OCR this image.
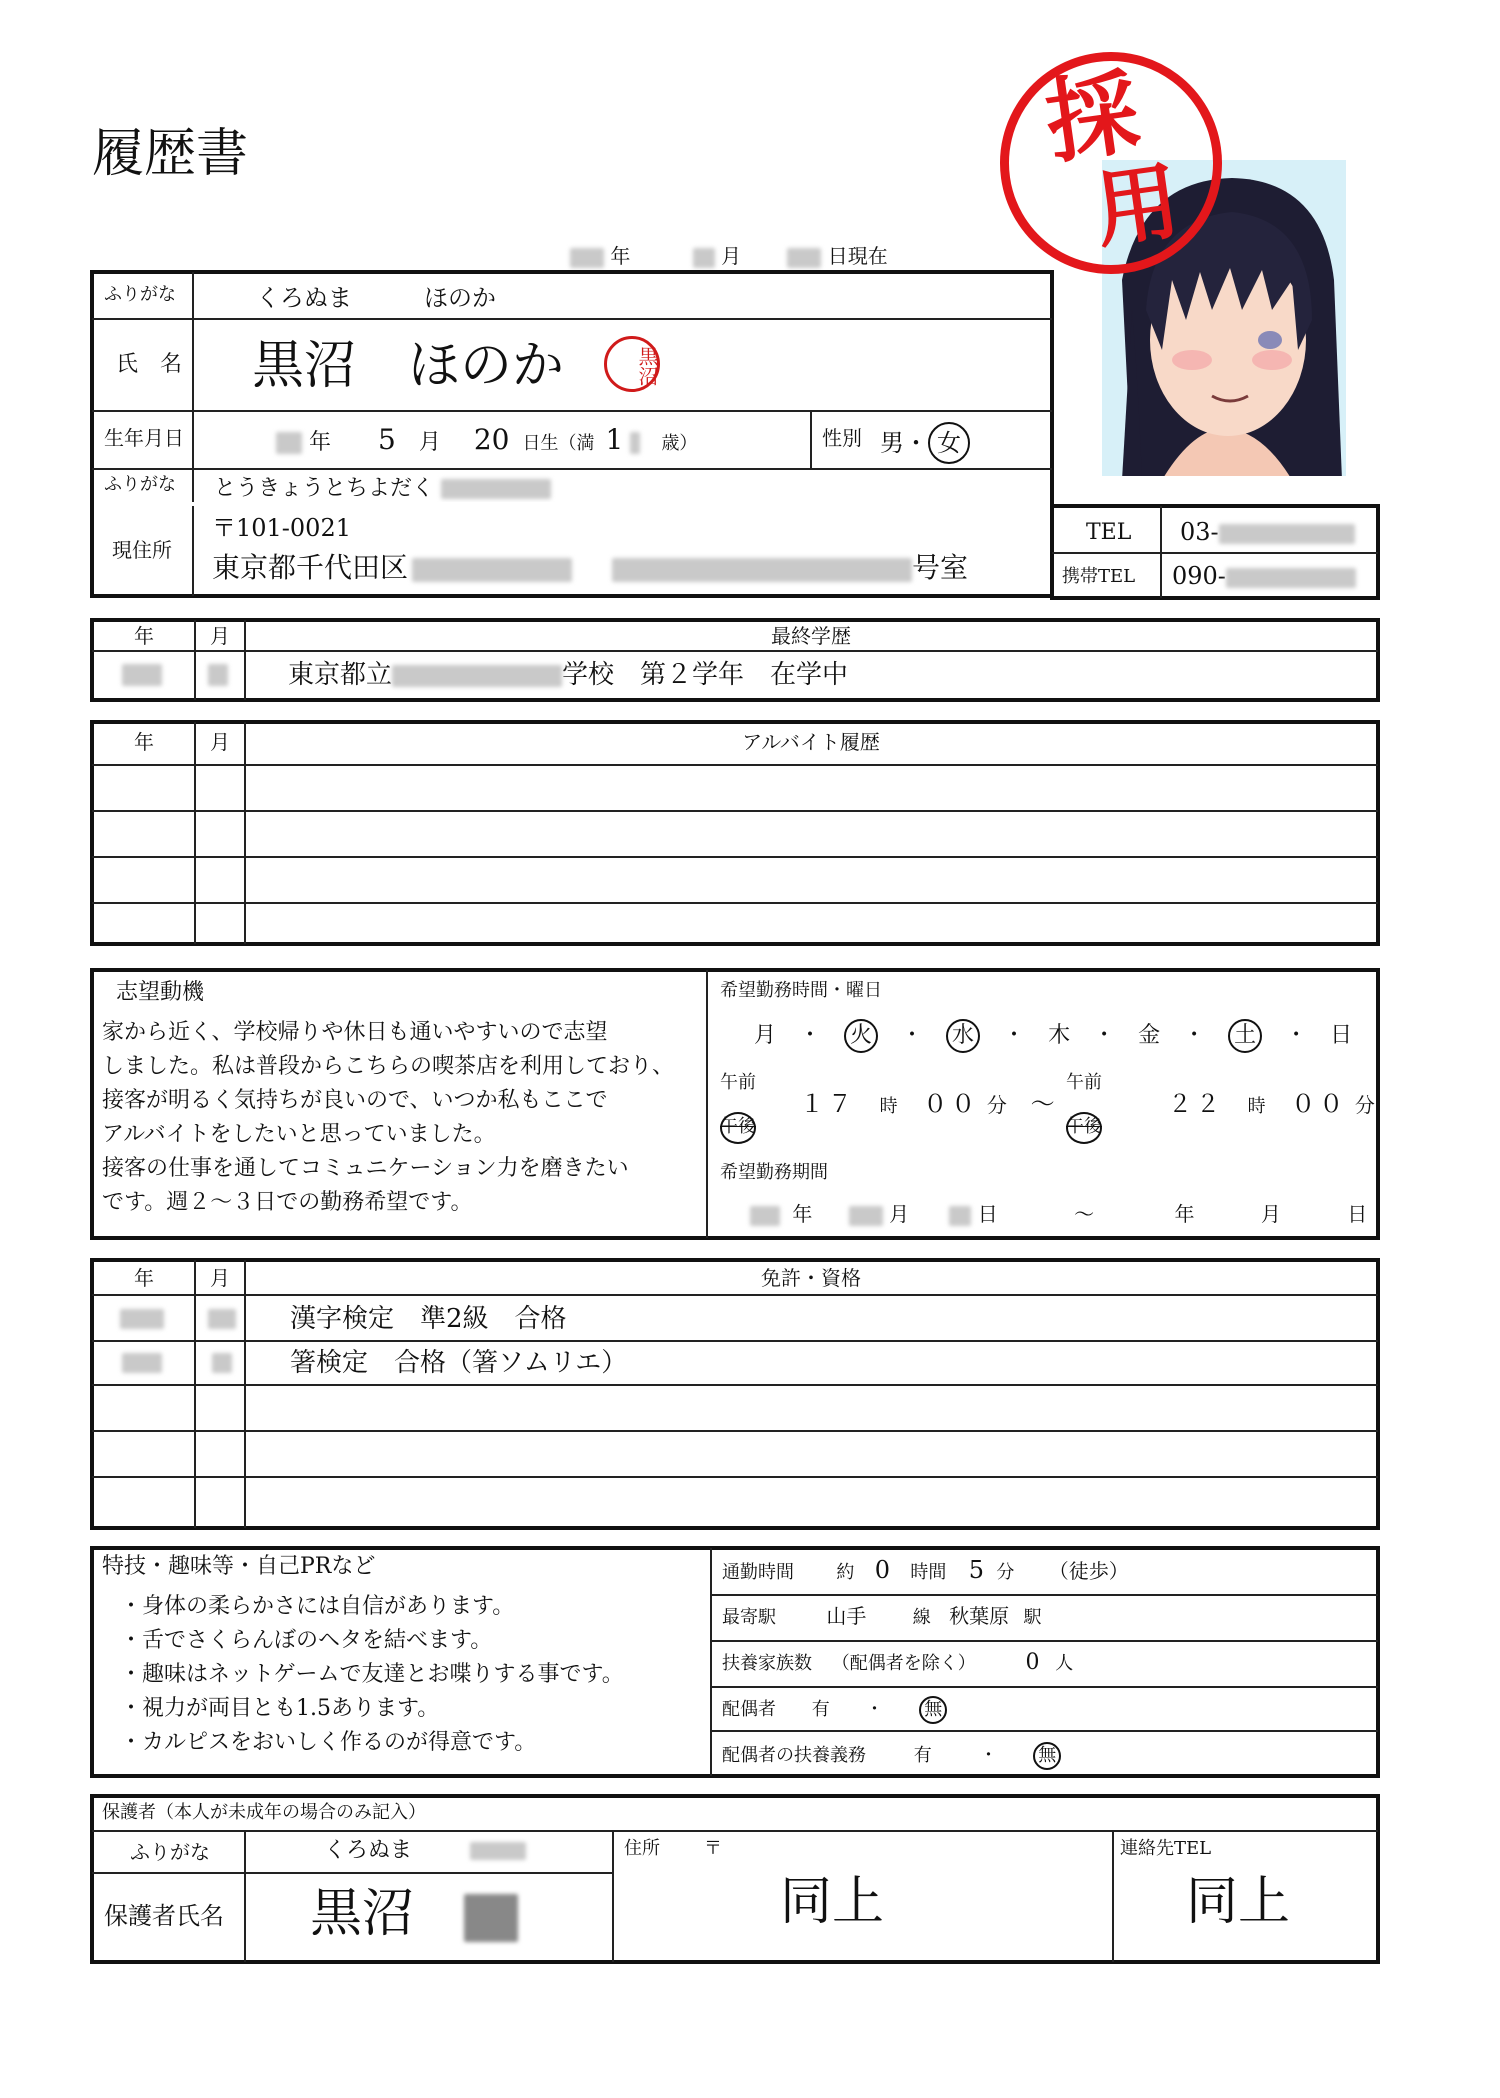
履歴書
年	月	日現在
採
用
ふりがな	くろぬま　　　ほのか
氏　名 黒沼　ほのか	黒沼
生年月日	年 5 月 20 日生（満 1 歳）	性別 男・ 女
ふりがな とうきょうとちよだく
現住所
〒101-0021
東京都千代田区	号室
TEL 03-
携帯TEL 090-
年	月	最終学歴
東京都立	学校　第２学年　在学中
年	月	アルバイト履歴
志望動機
家から近く、学校帰りや休日も通いやすいので志望
しました。私は普段からこちらの喫茶店を利用しており、
接客が明るく気持ちが良いので、いつか私もここで
アルバイトをしたいと思っていました。
接客の仕事を通してコミュニケーション力を磨きたい
です。週２～３日での勤務希望です。
希望勤務時間・曜日
月 ・ 火 ・ 水 ・ 木 ・ 金 ・ 土 ・ 日
午前
午後
１７ 時 ００ 分 ～
午前
午後
２２ 時 ００ 分
希望勤務期間
年	月	日	～	年	月	日
年	月	免許・資格
漢字検定　準2級　合格
箸検定　合格（箸ソムリエ）
特技・趣味等・自己PRなど
・身体の柔らかさには自信があります。
・舌でさくらんぼのヘタを結べます。
・趣味はネットゲームで友達とお喋りする事です。
・視力が両目とも1.5あります。
・カルピスをおいしく作るのが得意です。
通勤時間 約 0 時間 5 分 （徒歩）
最寄駅	山手	線 秋葉原 駅
扶養家族数 （配偶者を除く） 0 人
配偶者 有 ・ 無
配偶者の扶養義務	有	・ 無
保護者（本人が未成年の場合のみ記入）
ふりがな	くろぬま
保護者氏名 黒沼
住所 〒
同上
連絡先TEL
同上
